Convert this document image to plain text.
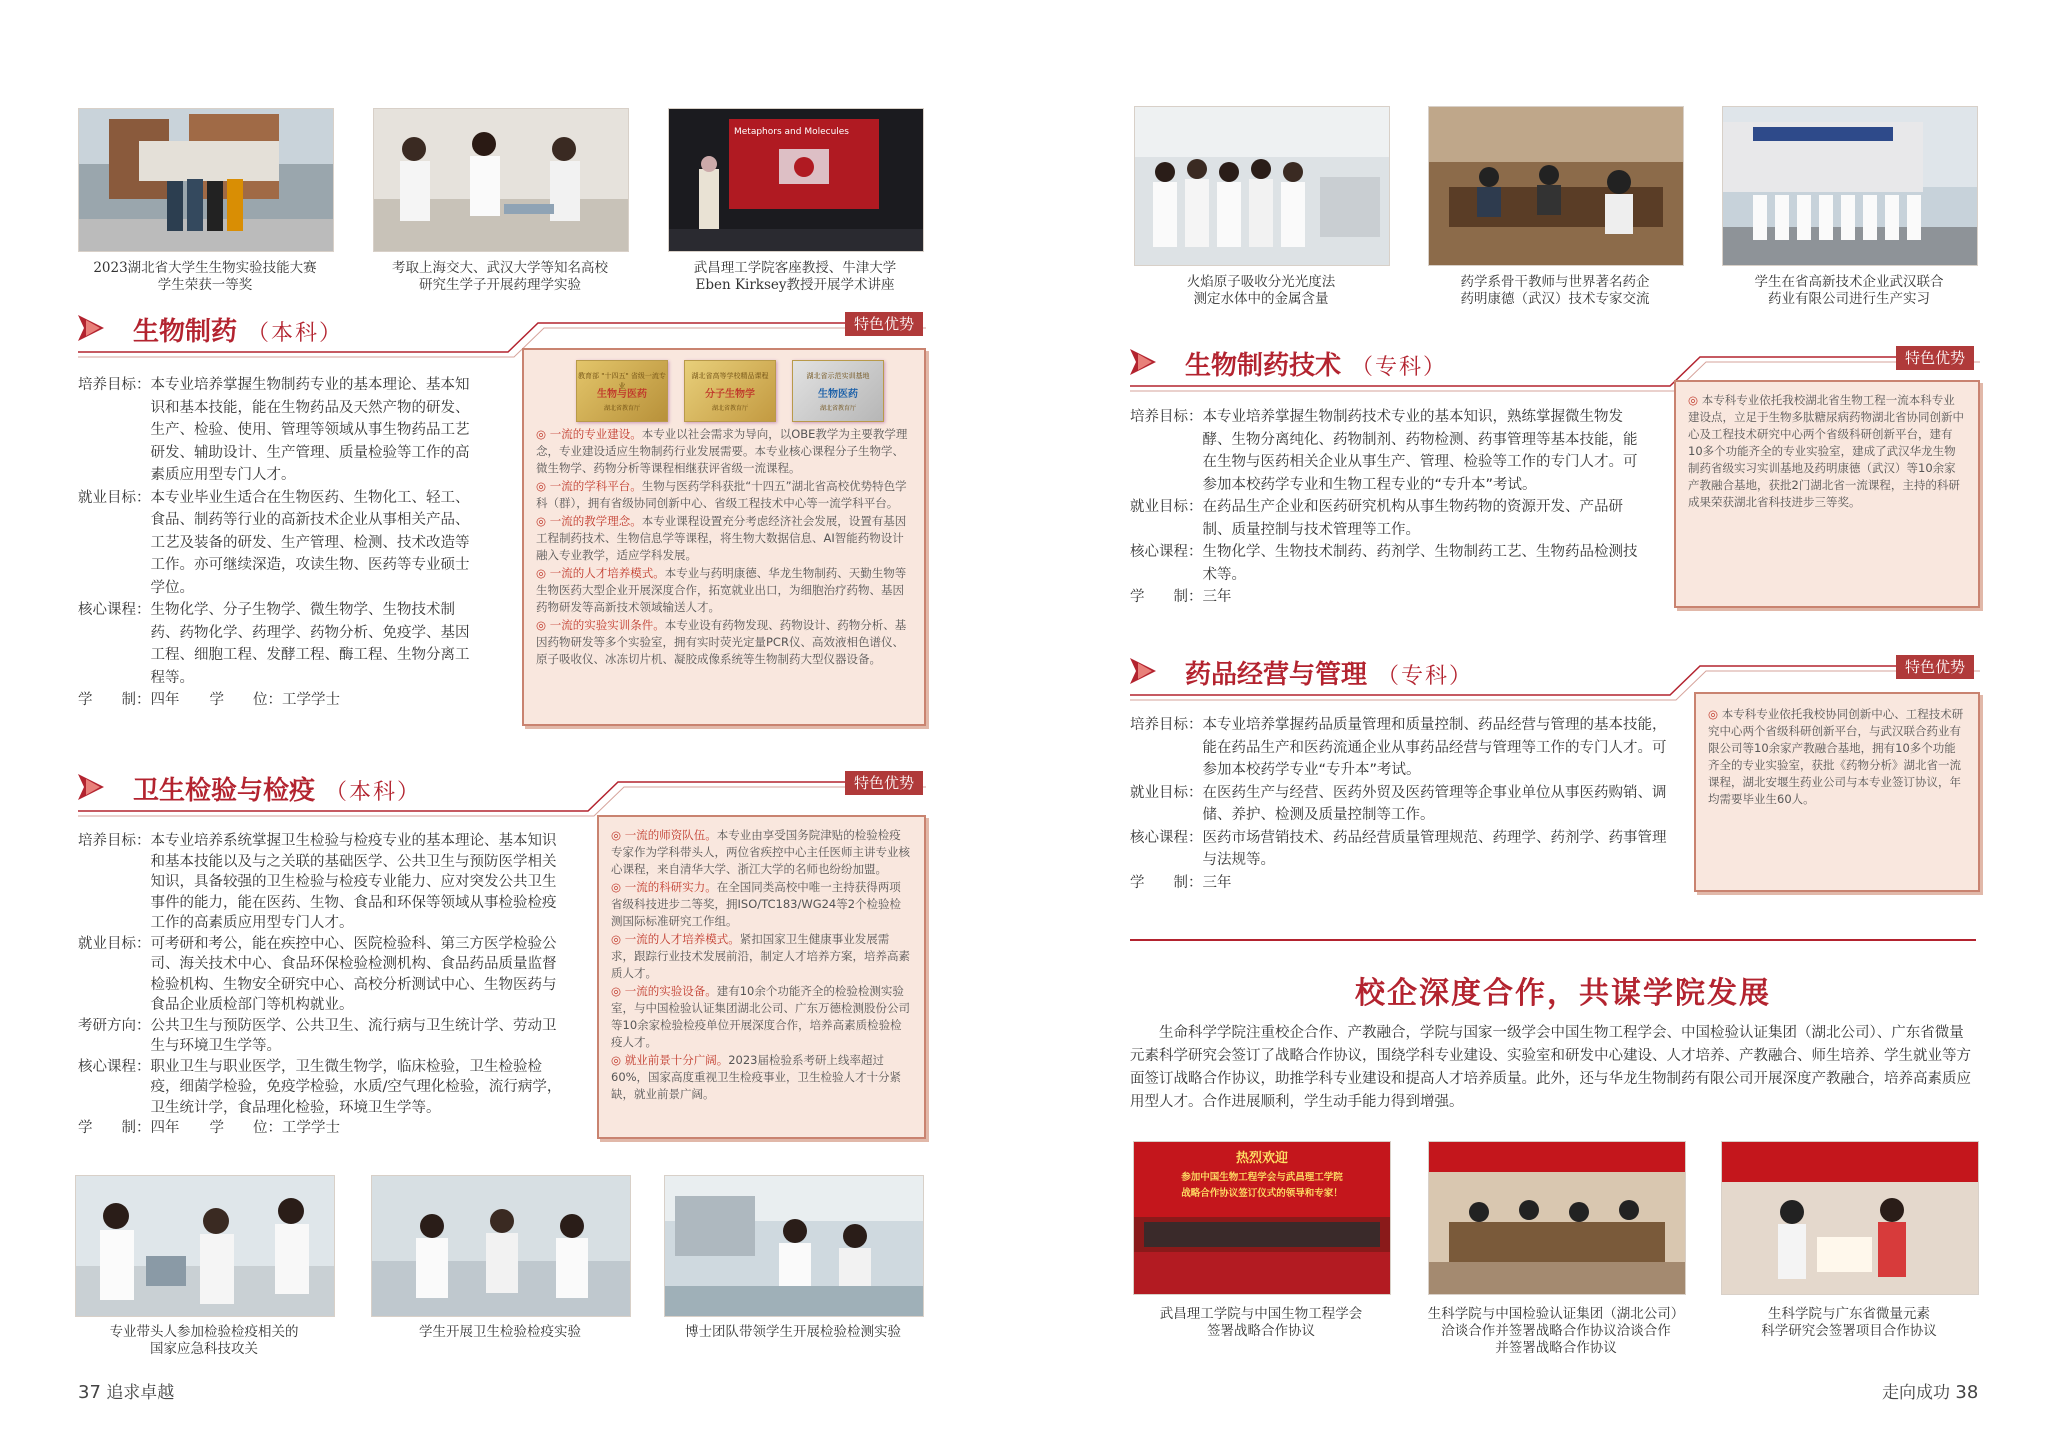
2023湖北省大学生生物实验技能大赛
学生荣获一等奖
考取上海交大、武汉大学等知名高校
研究生学子开展药理学实验
Metaphors and Molecules
武昌理工学院客座教授、牛津大学
Eben Kirksey教授开展学术讲座
生物制药 （本科）	特色优势
培养目标： 本专业培养掌握生物制药专业的基本理论、基本知识和基本技能，能在生物药品及天然产物的研发、生产、检验、使用、管理等领域从事生物药品工艺研发、辅助设计、生产管理、质量检验等工作的高素质应用型专门人才。
就业目标： 本专业毕业生适合在生物医药、生物化工、轻工、食品、制药等行业的高新技术企业从事相关产品、工艺及装备的研发、生产管理、检测、技术改造等工作。亦可继续深造，攻读生物、医药等专业硕士学位。
核心课程： 生物化学、分子生物学、微生物学、生物技术制药、药物化学、药理学、药物分析、免疫学、基因工程、细胞工程、发酵工程、酶工程、生物分离工程等。
学　　制： 四年 学　　位： 工学学士
教育部 "十四五" 省级一流专业
生物与医药
湖北省教育厅
湖北省高等学校精品课程
分子生物学
湖北省教育厅
湖北省示范实训基地
生物医药
湖北省教育厅
◎ 一流的专业建设。本专业以社会需求为导向，以OBE教学为主要教学理念，专业建设适应生物制药行业发展需要。本专业核心课程分子生物学、微生物学、药物分析等课程相继获评省级一流课程。
◎ 一流的学科平台。生物与医药学科获批“十四五”湖北省高校优势特色学科（群），拥有省级协同创新中心、省级工程技术中心等一流学科平台。
◎ 一流的教学理念。本专业课程设置充分考虑经济社会发展，设置有基因工程制药技术、生物信息学等课程，将生物大数据信息、AI智能药物设计融入专业教学，适应学科发展。
◎ 一流的人才培养模式。本专业与药明康德、华龙生物制药、天勤生物等生物医药大型企业开展深度合作，拓宽就业出口，为细胞治疗药物、基因药物研发等高新技术领域输送人才。
◎ 一流的实验实训条件。本专业设有药物发现、药物设计、药物分析、基因药物研发等多个实验室，拥有实时荧光定量PCR仪、高效液相色谱仪、原子吸收仪、冰冻切片机、凝胶成像系统等生物制药大型仪器设备。
卫生检验与检疫 （本科）	特色优势
培养目标： 本专业培养系统掌握卫生检验与检疫专业的基本理论、基本知识和基本技能以及与之关联的基础医学、公共卫生与预防医学相关知识，具备较强的卫生检验与检疫专业能力、应对突发公共卫生事件的能力，能在医药、生物、食品和环保等领域从事检验检疫工作的高素质应用型专门人才。
就业目标： 可考研和考公，能在疾控中心、医院检验科、第三方医学检验公司、海关技术中心、食品环保检验检测机构、食品药品质量监督检验机构、生物安全研究中心、高校分析测试中心、生物医药与食品企业质检部门等机构就业。
考研方向： 公共卫生与预防医学、公共卫生、流行病与卫生统计学、劳动卫生与环境卫生学等。
核心课程： 职业卫生与职业医学，卫生微生物学，临床检验，卫生检验检疫，细菌学检验，免疫学检验，水质/空气理化检验，流行病学，卫生统计学，食品理化检验，环境卫生学等。
学　　制： 四年 学　　位： 工学学士
◎ 一流的师资队伍。本专业由享受国务院津贴的检验检疫专家作为学科带头人，两位省疾控中心主任医师主讲专业核心课程，来自清华大学、浙江大学的名师也纷纷加盟。
◎ 一流的科研实力。在全国同类高校中唯一主持获得两项省级科技进步二等奖，拥ISO/TC183/WG24等2个检验检测国际标准研究工作组。
◎ 一流的人才培养模式。紧扣国家卫生健康事业发展需求，跟踪行业技术发展前沿，制定人才培养方案，培养高素质人才。
◎ 一流的实验设备。建有10余个功能齐全的检验检测实验室，与中国检验认证集团湖北公司、广东万德检测股份公司等10余家检验检疫单位开展深度合作，培养高素质检验检疫人才。
◎ 就业前景十分广阔。2023届检验系考研上线率超过60%，国家高度重视卫生检疫事业，卫生检验人才十分紧缺，就业前景广阔。
专业带头人参加检验检疫相关的
国家应急科技攻关
学生开展卫生检验检疫实验	博士团队带领学生开展检验检测实验
37 追求卓越
火焰原子吸收分光光度法
测定水体中的金属含量
药学系骨干教师与世界著名药企
药明康德（武汉）技术专家交流
学生在省高新技术企业武汉联合
药业有限公司进行生产实习
生物制药技术 （专科）	特色优势
培养目标： 本专业培养掌握生物制药技术专业的基本知识，熟练掌握微生物发酵、生物分离纯化、药物制剂、药物检测、药事管理等基本技能，能在生物与医药相关企业从事生产、管理、检验等工作的专门人才。可参加本校药学专业和生物工程专业的“专升本”考试。
就业目标： 在药品生产企业和医药研究机构从事生物药物的资源开发、产品研制、质量控制与技术管理等工作。
核心课程： 生物化学、生物技术制药、药剂学、生物制药工艺、生物药品检测技术等。
学　　制： 三年
◎ 本专科专业依托我校湖北省生物工程一流本科专业建设点，立足于生物多肽糖尿病药物湖北省协同创新中心及工程技术研究中心两个省级科研创新平台，建有10多个功能齐全的专业实验室，建成了武汉华龙生物制药省级实习实训基地及药明康德（武汉）等10余家产教融合基地，获批2门湖北省一流课程，主持的科研成果荣获湖北省科技进步三等奖。
药品经营与管理 （专科）	特色优势
培养目标： 本专业培养掌握药品质量管理和质量控制、药品经营与管理的基本技能，能在药品生产和医药流通企业从事药品经营与管理等工作的专门人才。可参加本校药学专业“专升本”考试。
就业目标： 在医药生产与经营、医药外贸及医药管理等企事业单位从事医药购销、调储、养护、检测及质量控制等工作。
核心课程： 医药市场营销技术、药品经营质量管理规范、药理学、药剂学、药事管理与法规等。
学　　制： 三年
◎ 本专科专业依托我校协同创新中心、工程技术研究中心两个省级科研创新平台，与武汉联合药业有限公司等10余家产教融合基地，拥有10多个功能齐全的专业实验室，获批《药物分析》湖北省一流课程，湖北安堰生药业公司与本专业签订协议，年均需要毕业生60人。
校企深度合作，共谋学院发展
生命科学学院注重校企合作、产教融合，学院与国家一级学会中国生物工程学会、中国检验认证集团（湖北公司）、广东省微量元素科学研究会签订了战略合作协议，围绕学科专业建设、实验室和研发中心建设、人才培养、产教融合、师生培养、学生就业等方面签订战略合作协议，助推学科专业建设和提高人才培养质量。此外，还与华龙生物制药有限公司开展深度产教融合，培养高素质应用型人才。合作进展顺利，学生动手能力得到增强。
热烈欢迎
参加中国生物工程学会与武昌理工学院
战略合作协议签订仪式的领导和专家！
武昌理工学院与中国生物工程学会
签署战略合作协议
生科学院与中国检验认证集团（湖北公司）
洽谈合作并签署战略合作协议洽谈合作
并签署战略合作协议
生科学院与广东省微量元素
科学研究会签署项目合作协议
走向成功 38
